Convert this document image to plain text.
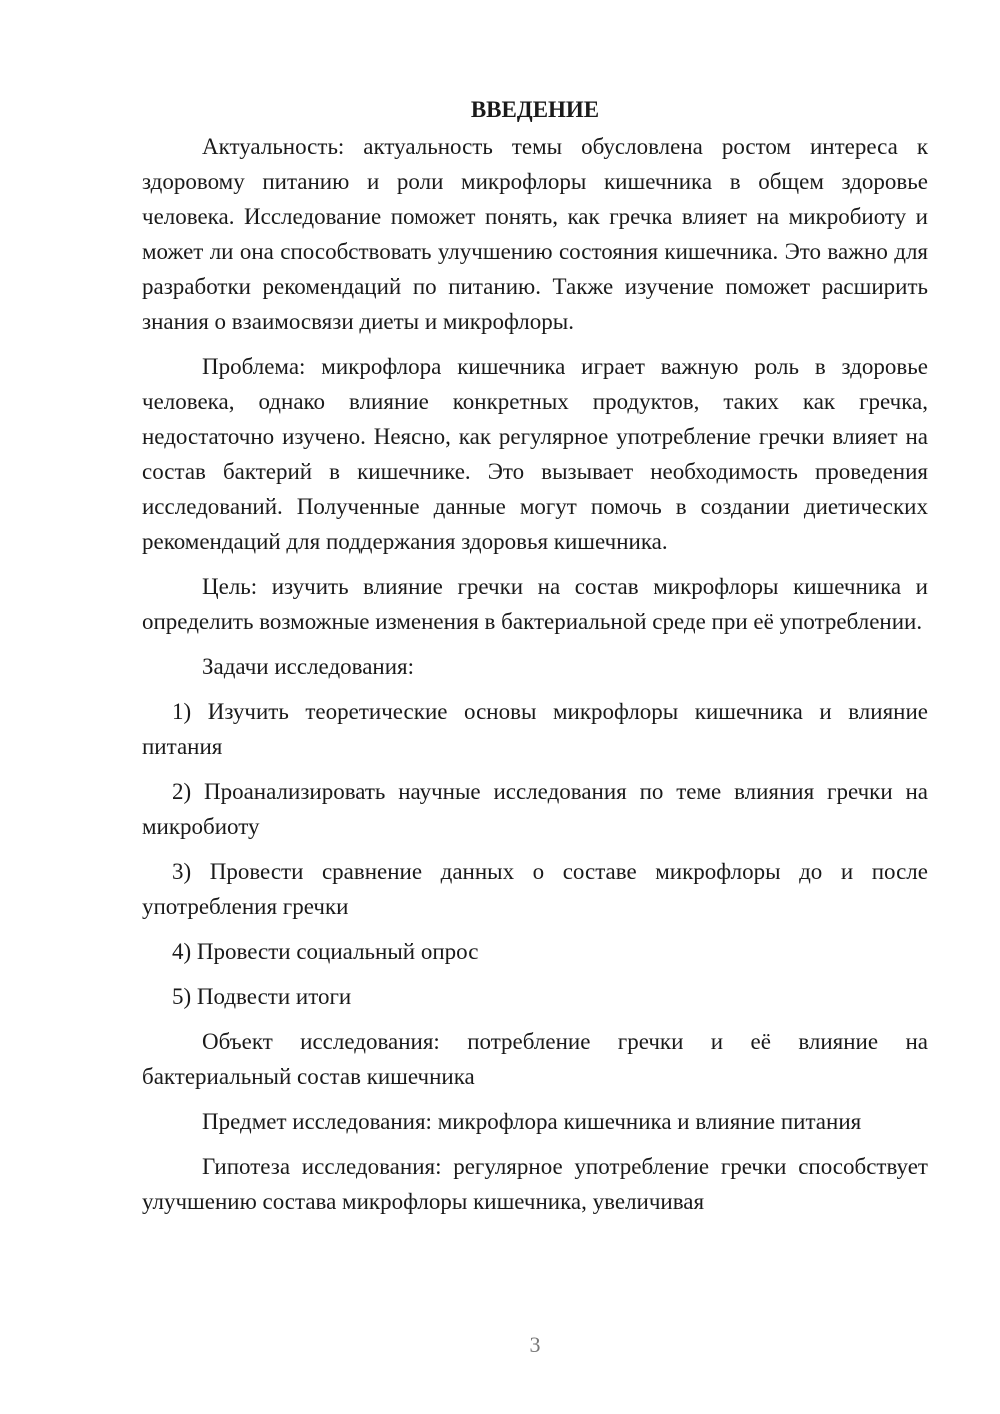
ВВЕДЕНИЕ

Актуальность: актуальность темы обусловлена ростом интереса к здоровому питанию и роли микрофлоры кишечника в общем здоровье человека. Исследование поможет понять, как гречка влияет на микробиоту и может ли она способствовать улучшению состояния кишечника. Это важно для разработки рекомендаций по питанию. Также изучение поможет расширить знания о взаимосвязи диеты и микрофлоры.

Проблема: микрофлора кишечника играет важную роль в здоровье человека, однако влияние конкретных продуктов, таких как гречка, недостаточно изучено. Неясно, как регулярное употребление гречки влияет на состав бактерий в кишечнике. Это вызывает необходимость проведения исследований. Полученные данные могут помочь в создании диетических рекомендаций для поддержания здоровья кишечника.

Цель: изучить влияние гречки на состав микрофлоры кишечника и определить возможные изменения в бактериальной среде при её употреблении.

Задачи исследования:

1) Изучить теоретические основы микрофлоры кишечника и влияние питания

2) Проанализировать научные исследования по теме влияния гречки на микробиоту

3) Провести сравнение данных о составе микрофлоры до и после употребления гречки

4) Провести социальный опрос

5) Подвести итоги

Объект исследования: потребление гречки и её влияние на бактериальный состав кишечника

Предмет исследования: микрофлора кишечника и влияние питания

Гипотеза исследования: регулярное употребление гречки способствует улучшению состава микрофлоры кишечника, увеличивая

3
